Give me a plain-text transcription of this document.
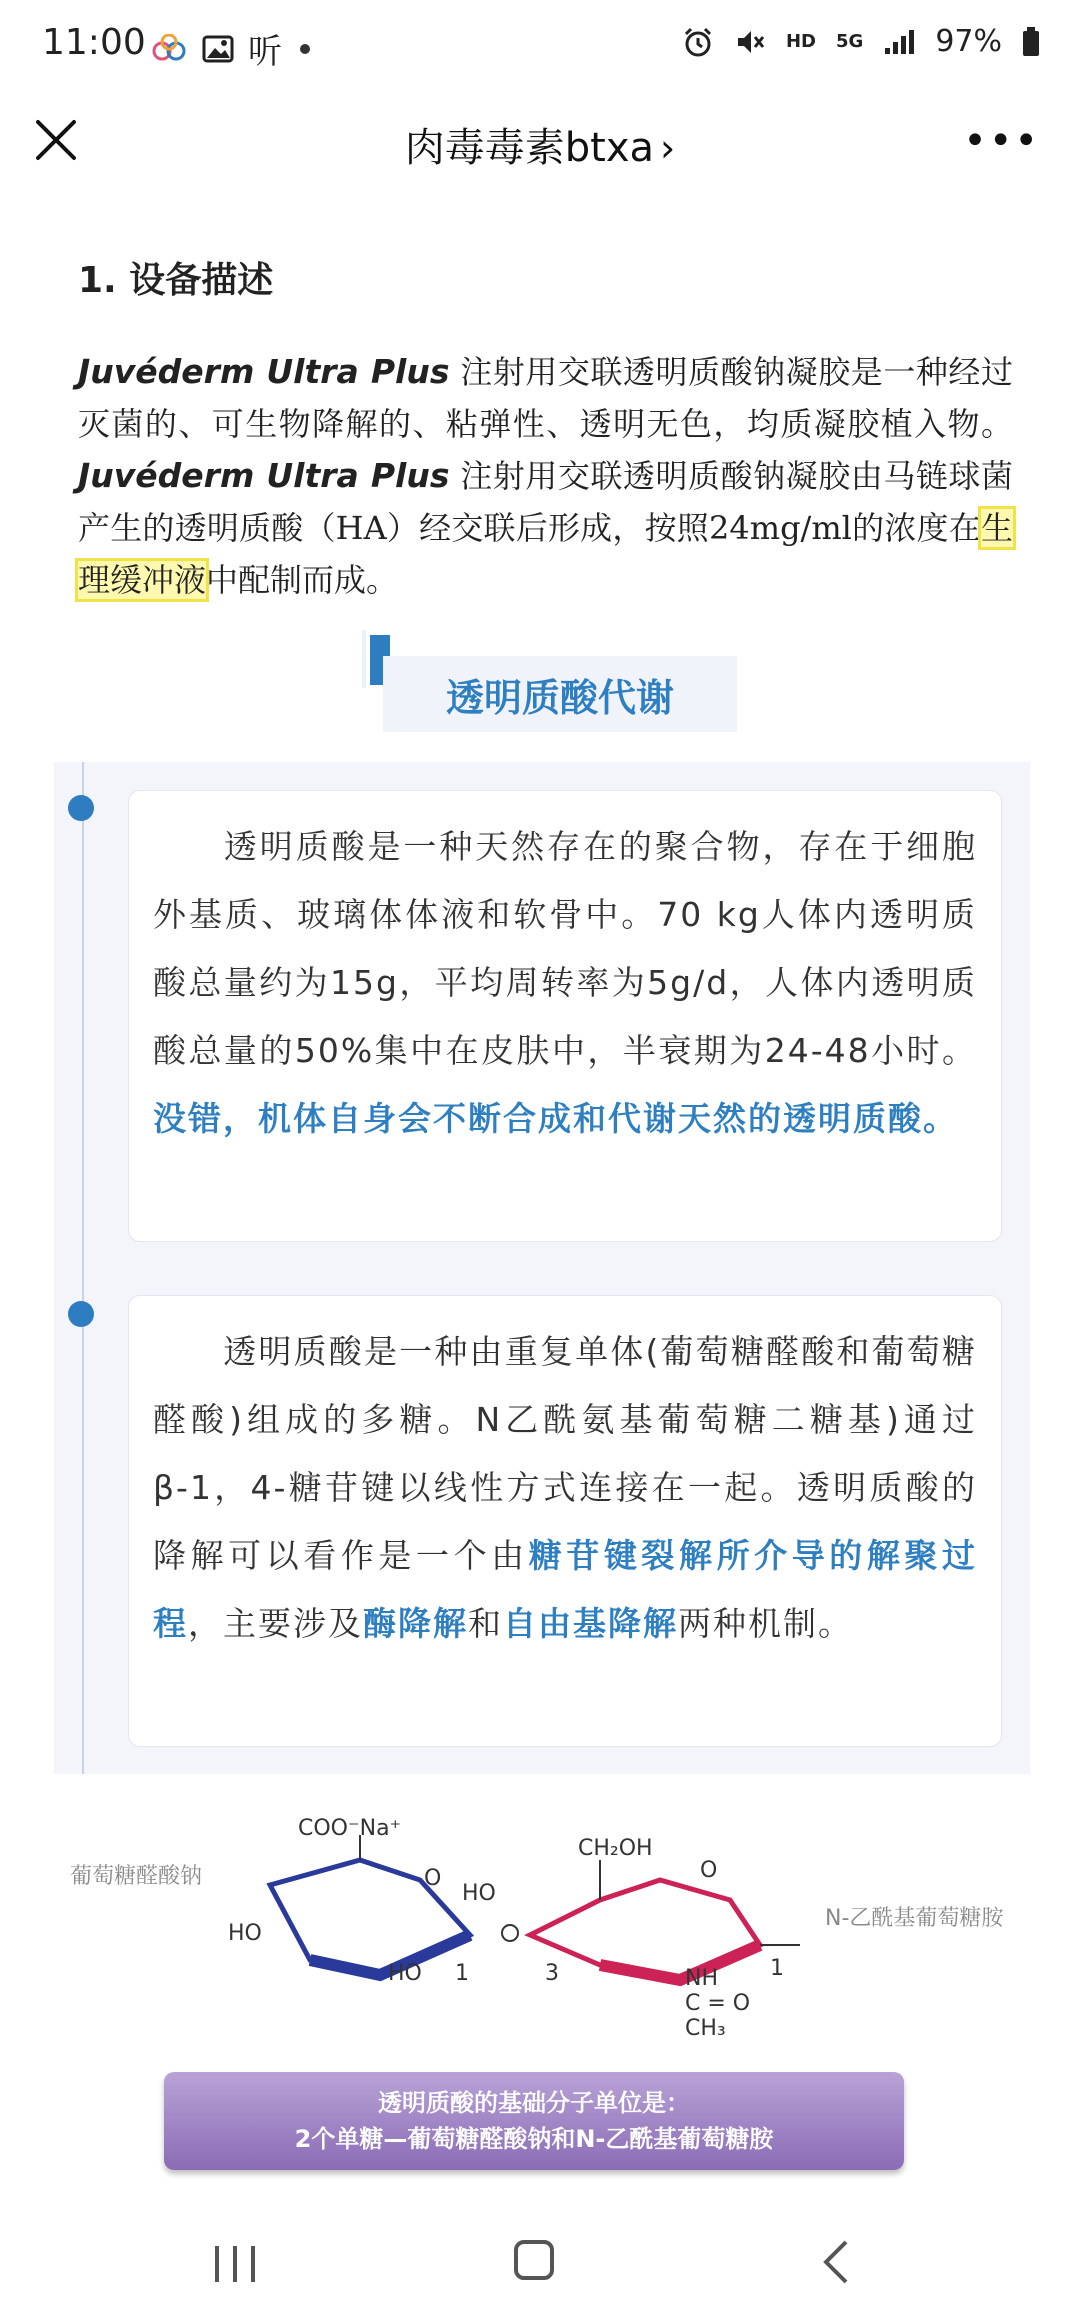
11:00	听	HD 5G 97%
肉毒毒素btxa ›	•••
1. 设备描述
Juvéderm Ultra Plus 注射用交联透明质酸钠凝胶是一种经过灭菌的、可生物降解的、粘弹性、透明无色，均质凝胶植入物。Juvéderm Ultra Plus 注射用交联透明质酸钠凝胶由马链球菌产生的透明质酸（HA）经交联后形成，按照24mg/ml的浓度在生理缓冲液中配制而成。
透明质酸代谢
透明质酸是一种天然存在的聚合物，存在于细胞外基质、玻璃体体液和软骨中。70 kg人体内透明质酸总量约为15g，平均周转率为5g/d，人体内透明质酸总量的50%集中在皮肤中，半衰期为24-48小时。没错，机体自身会不断合成和代谢天然的透明质酸。
透明质酸是一种由重复单体(葡萄糖醛酸和葡萄糖醛酸)组成的多糖。N乙酰氨基葡萄糖二糖基)通过β-1，4-糖苷键以线性方式连接在一起。透明质酸的降解可以看作是一个由糖苷键裂解所介导的解聚过程，主要涉及酶降解和自由基降解两种机制。
葡萄糖醛酸钠
N-乙酰基葡萄糖胺
COO⁻Na⁺
O
HO
HO
HO
1
CH₂OH
O
3	1
NH
C = O
CH₃
透明质酸的基础分子单位是：
2个单糖—葡萄糖醛酸钠和N-乙酰基葡萄糖胺
